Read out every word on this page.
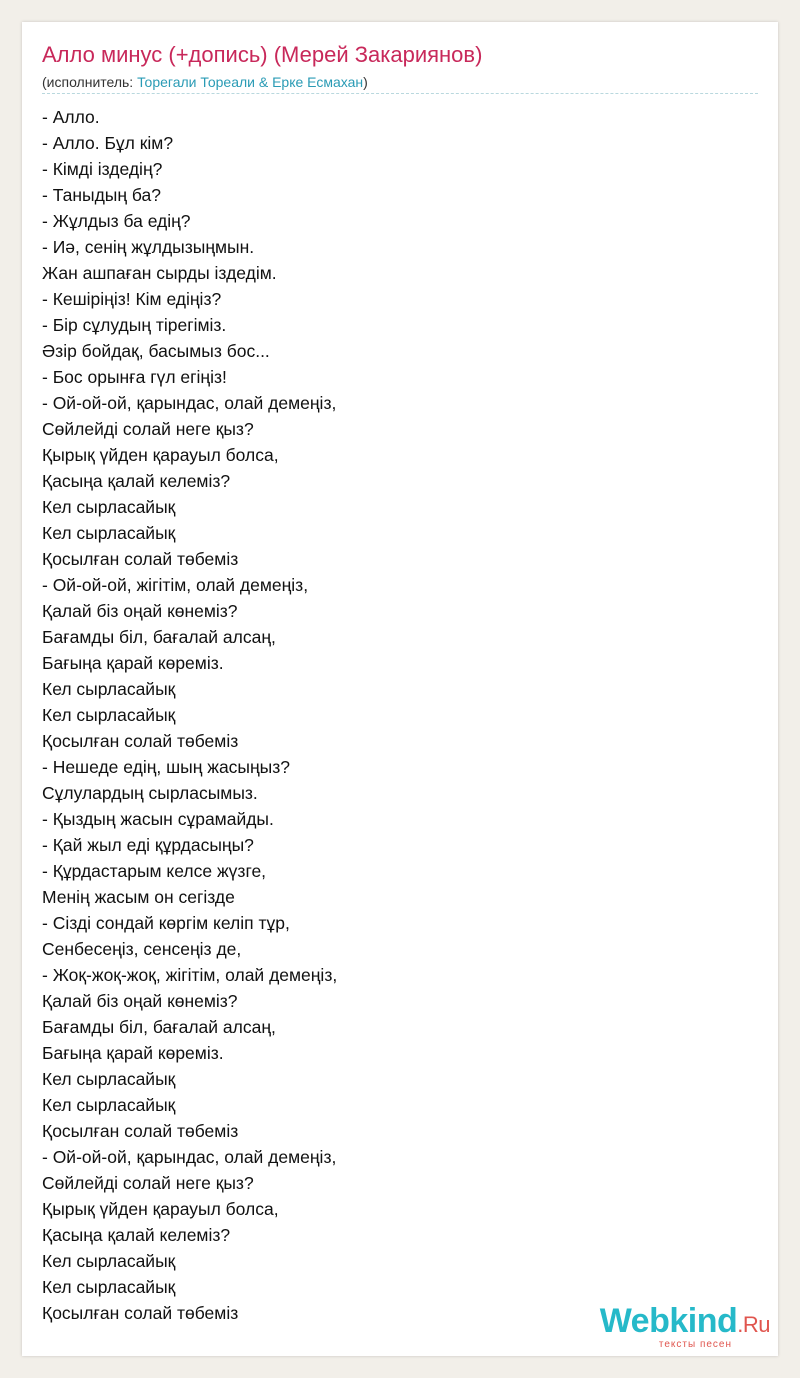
Алло минус (+допись) (Мерей Закариянов)
(исполнитель: Торегали Тореали & Ерке Есмахан)
- Алло.
- Алло. Бұл кім?
- Кімді іздедің?
- Таныдың ба?
- Жұлдыз ба едің?
- Иә, сенің жұлдызыңмын.
Жан ашпаған сырды іздедім.
- Кешіріңіз! Кім едіңіз?
- Бір сұлудың тірегіміз.
Әзір бойдақ, басымыз бос...
- Бос орынға гүл егіңіз!
- Ой-ой-ой, қарындас, олай демеңіз,
Сөйлейді солай неге қыз?
Қырық үйден қарауыл болса,
Қасыңа қалай келеміз?
Кел сырласайық
Кел сырласайық
Қосылған солай төбеміз
- Ой-ой-ой, жігітім, олай демеңіз,
Қалай біз оңай көнеміз?
Бағамды біл, бағалай алсаң,
Бағыңа қарай көреміз.
Кел сырласайық
Кел сырласайық
Қосылған солай төбеміз
- Нешеде едің, шың жасыңыз?
Сұлулардың сырласымыз.
- Қыздың жасын сұрамайды.
- Қай жыл еді құрдасыңы?
- Құрдастарым келсе жүзге,
Менің жасым он сегізде
- Сізді сондай көргім келіп тұр,
Сенбесеңіз, сенсеңіз де,
- Жоқ-жоқ-жоқ, жігітім, олай демеңіз,
Қалай біз оңай көнеміз?
Бағамды біл, бағалай алсаң,
Бағыңа қарай көреміз.
Кел сырласайық
Кел сырласайық
Қосылған солай төбеміз
- Ой-ой-ой, қарындас, олай демеңіз,
Сөйлейді солай неге қыз?
Қырық үйден қарауыл болса,
Қасыңа қалай келеміз?
Кел сырласайық
Кел сырласайық
Қосылған солай төбеміз	Webkind.Ru
тексты песен
